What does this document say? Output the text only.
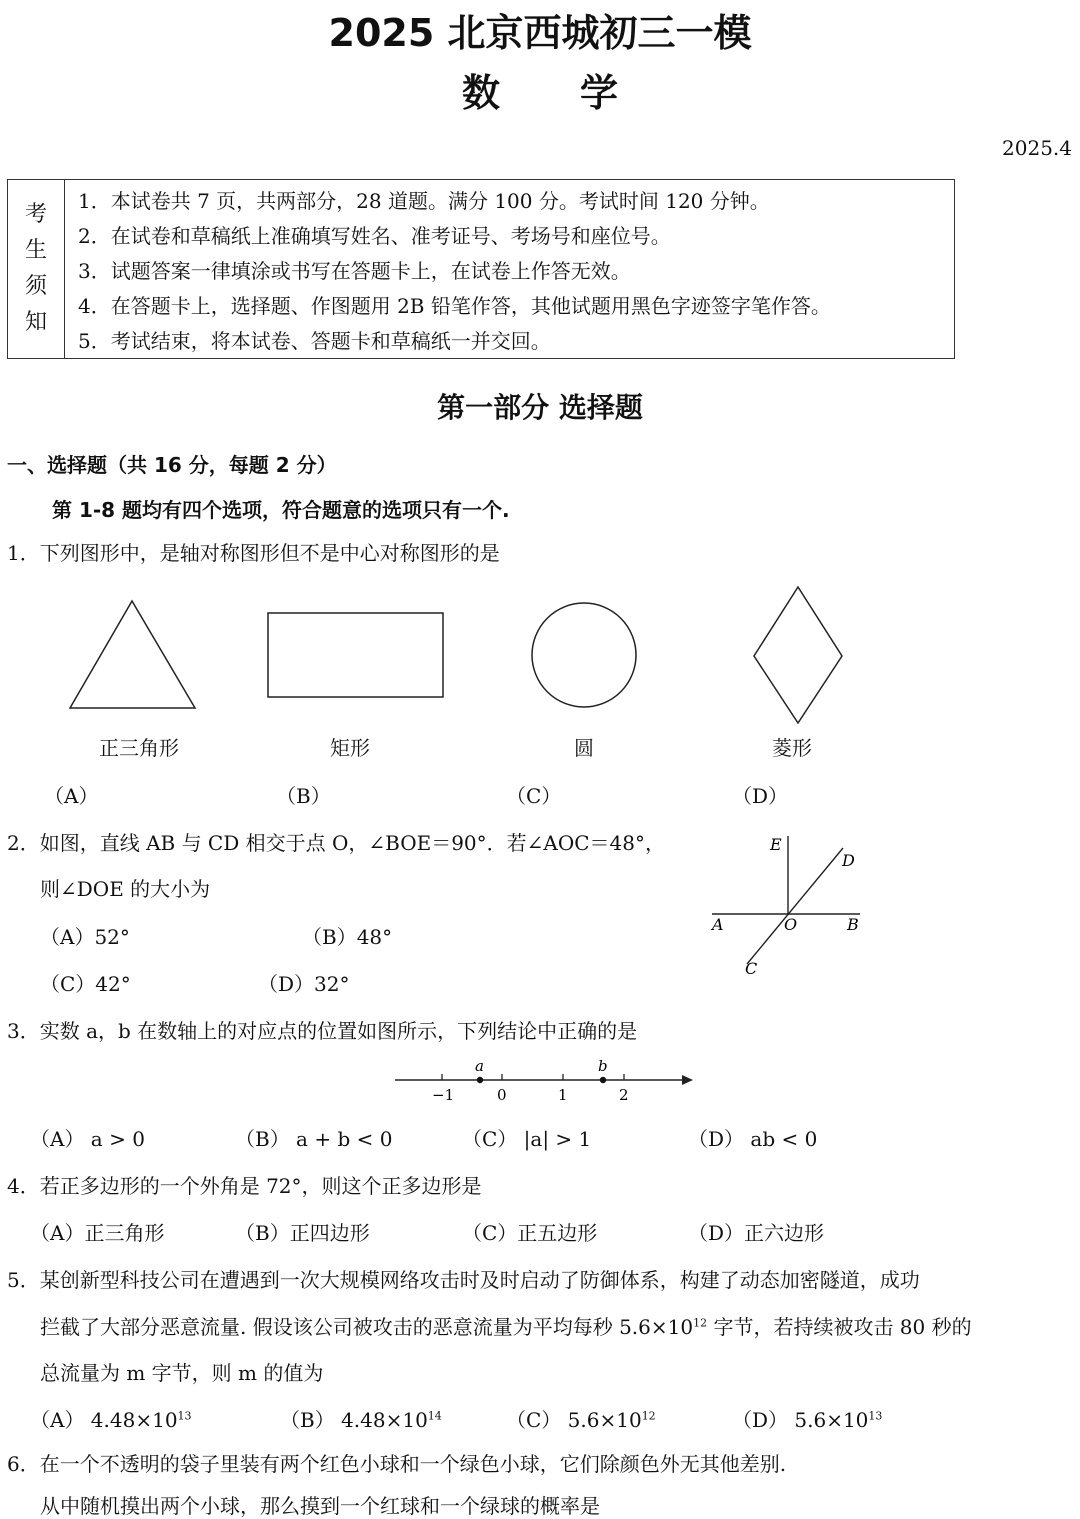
2025 北京西城初三一模
数学
2025.4
考
生
须
知
1．本试卷共 7 页，共两部分，28 道题。满分 100 分。考试时间 120 分钟。
2．在试卷和草稿纸上准确填写姓名、准考证号、考场号和座位号。
3．试题答案一律填涂或书写在答题卡上，在试卷上作答无效。
4．在答题卡上，选择题、作图题用 2B 铅笔作答，其他试题用黑色字迹签字笔作答。
5．考试结束，将本试卷、答题卡和草稿纸一并交回。
第一部分 选择题
一、选择题（共 16 分，每题 2 分）
第 1-8 题均有四个选项，符合题意的选项只有一个.
1．下列图形中，是轴对称图形但不是中心对称图形的是
正三角形	矩形	圆	菱形
（A）	（B）	（C）	（D）
2．如图，直线 AB 与 CD 相交于点 O，∠BOE＝90°．若∠AOC＝48°，
则∠DOE 的大小为
（A）52°	（B）48°
（C）42°	（D）32°
E
D
A	O	B
C
3．实数 a，b 在数轴上的对应点的位置如图所示，下列结论中正确的是
−1	0	1	2
a	b
（A） a > 0	（B） a + b < 0	（C） |a| > 1	（D） ab < 0
4．若正多边形的一个外角是 72°，则这个正多边形是
（A）正三角形	（B）正四边形	（C）正五边形	（D）正六边形
5．某创新型科技公司在遭遇到一次大规模网络攻击时及时启动了防御体系，构建了动态加密隧道，成功
拦截了大部分恶意流量. 假设该公司被攻击的恶意流量为平均每秒 $5.6\times 10^{12}$ 字节，若持续被攻击 80 秒的
总流量为 m 字节，则 m 的值为
（A） $4.48\times 10^{13}$	（B） $4.48\times 10^{14}$	（C） $5.6\times 10^{12}$	（D） $5.6\times 10^{13}$
6．在一个不透明的袋子里装有两个红色小球和一个绿色小球，它们除颜色外无其他差别.
从中随机摸出两个小球，那么摸到一个红球和一个绿球的概率是
